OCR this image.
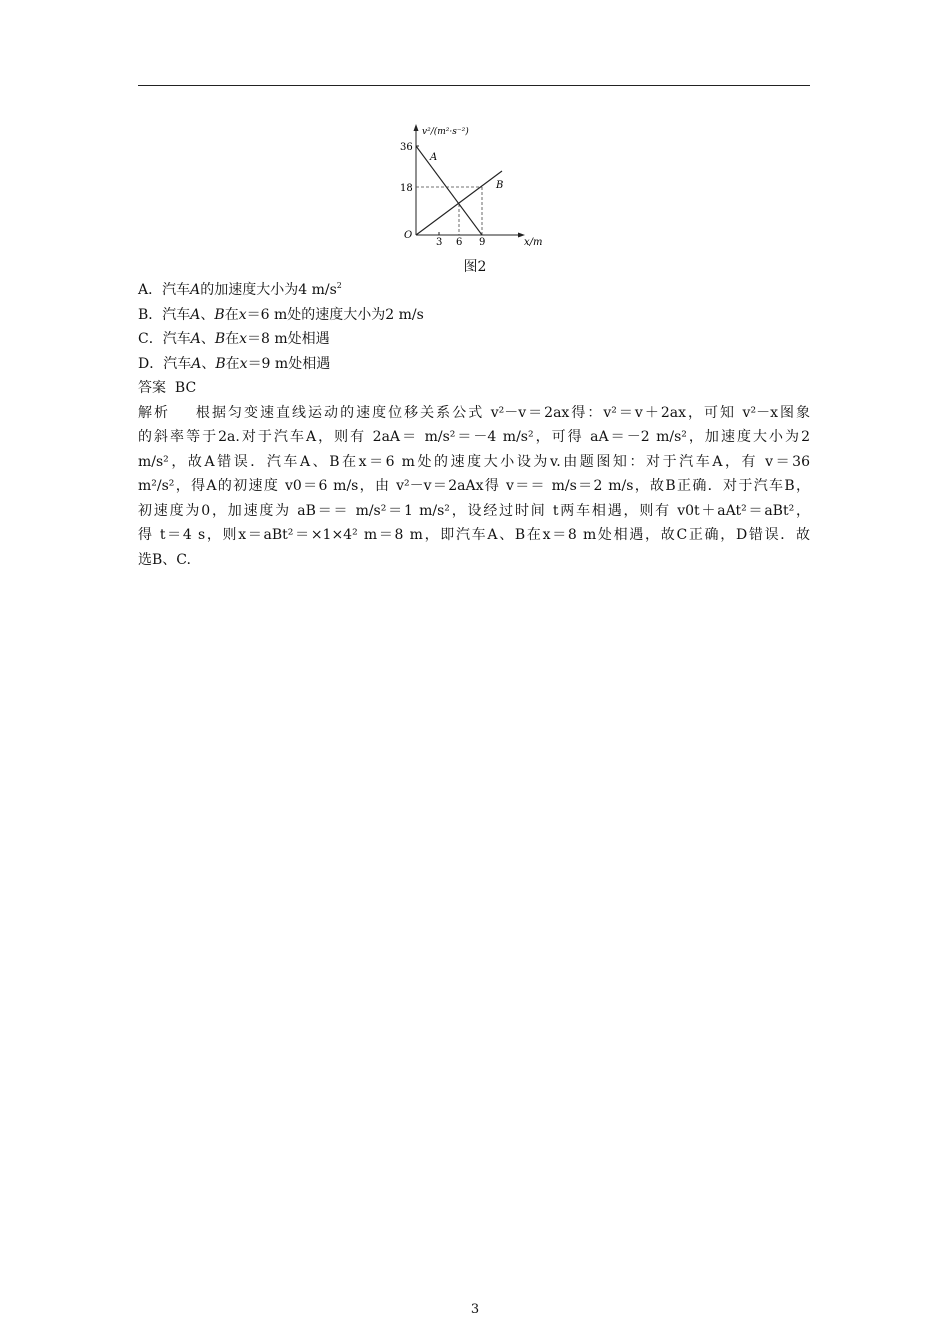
v²/(m²·s⁻²)
36
18
O
3 6 9	x/m
A
B
图2
A．汽车A的加速度大小为4 $m/s^2$
B．汽车A、B在x＝6 m处的速度大小为2 m/s
C．汽车A、B在x＝8 m处相遇
D．汽车A、B在x＝9 m处相遇
答案 BC
解析 根据匀变速直线运动的速度位移关系公式 v²－v＝2ax得：v²＝v＋2ax，可知 v²－x图象
的斜率等于2a.对于汽车A，则有 2aA＝ m/s²＝－4 m/s²，可得 aA＝－2 m/s²，加速度大小为2
m/s²，故A错误．汽车A、B在x＝6 m处的速度大小设为v.由题图知：对于汽车A，有 v＝36
m²/s²，得A的初速度 v0＝6 m/s，由 v²－v＝2aAx得 v＝＝ m/s＝2 m/s，故B正确．对于汽车B，
初速度为0，加速度为 aB＝＝ m/s²＝1 m/s²，设经过时间 t两车相遇，则有 v0t＋aAt²＝aBt²，
得 t＝4 s，则x＝aBt²＝×1×4² m＝8 m，即汽车A、B在x＝8 m处相遇，故C正确，D错误．故
选B、C.
3
